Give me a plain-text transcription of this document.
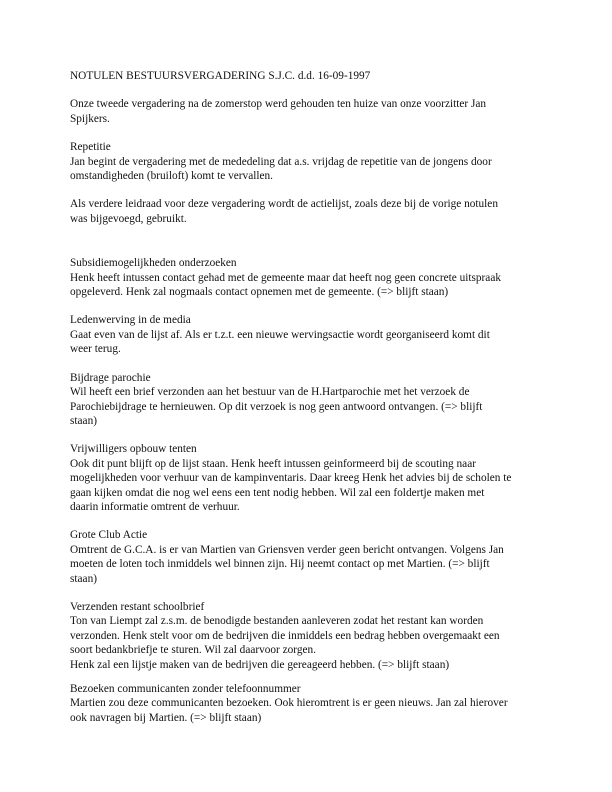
NOTULEN BESTUURSVERGADERING S.J.C. d.d. 16-09-1997
Onze tweede vergadering na de zomerstop werd gehouden ten huize van onze voorzitter Jan
Spijkers.
Repetitie
Jan begint de vergadering met de mededeling dat a.s. vrijdag de repetitie van de jongens door
omstandigheden (bruiloft) komt te vervallen.
Als verdere leidraad voor deze vergadering wordt de actielijst, zoals deze bij de vorige notulen
was bijgevoegd, gebruikt.
Subsidiemogelijkheden onderzoeken
Henk heeft intussen contact gehad met de gemeente maar dat heeft nog geen concrete uitspraak
opgeleverd. Henk zal nogmaals contact opnemen met de gemeente. (=> blijft staan)
Ledenwerving in de media
Gaat even van de lijst af. Als er t.z.t. een nieuwe wervingsactie wordt georganiseerd komt dit
weer terug.
Bijdrage parochie
Wil heeft een brief verzonden aan het bestuur van de H.Hartparochie met het verzoek de
Parochiebijdrage te hernieuwen. Op dit verzoek is nog geen antwoord ontvangen. (=> blijft
staan)
Vrijwilligers opbouw tenten
Ook dit punt blijft op de lijst staan. Henk heeft intussen geinformeerd bij de scouting naar
mogelijkheden voor verhuur van de kampinventaris. Daar kreeg Henk het advies bij de scholen te
gaan kijken omdat die nog wel eens een tent nodig hebben. Wil zal een foldertje maken met
daarin informatie omtrent de verhuur.
Grote Club Actie
Omtrent de G.C.A. is er van Martien van Griensven verder geen bericht ontvangen. Volgens Jan
moeten de loten toch inmiddels wel binnen zijn. Hij neemt contact op met Martien. (=> blijft
staan)
Verzenden restant schoolbrief
Ton van Liempt zal z.s.m. de benodigde bestanden aanleveren zodat het restant kan worden
verzonden. Henk stelt voor om de bedrijven die inmiddels een bedrag hebben overgemaakt een
soort bedankbriefje te sturen. Wil zal daarvoor zorgen.
Henk zal een lijstje maken van de bedrijven die gereageerd hebben. (=> blijft staan)
Bezoeken communicanten zonder telefoonnummer
Martien zou deze communicanten bezoeken. Ook hieromtrent is er geen nieuws. Jan zal hierover
ook navragen bij Martien. (=> blijft staan)
